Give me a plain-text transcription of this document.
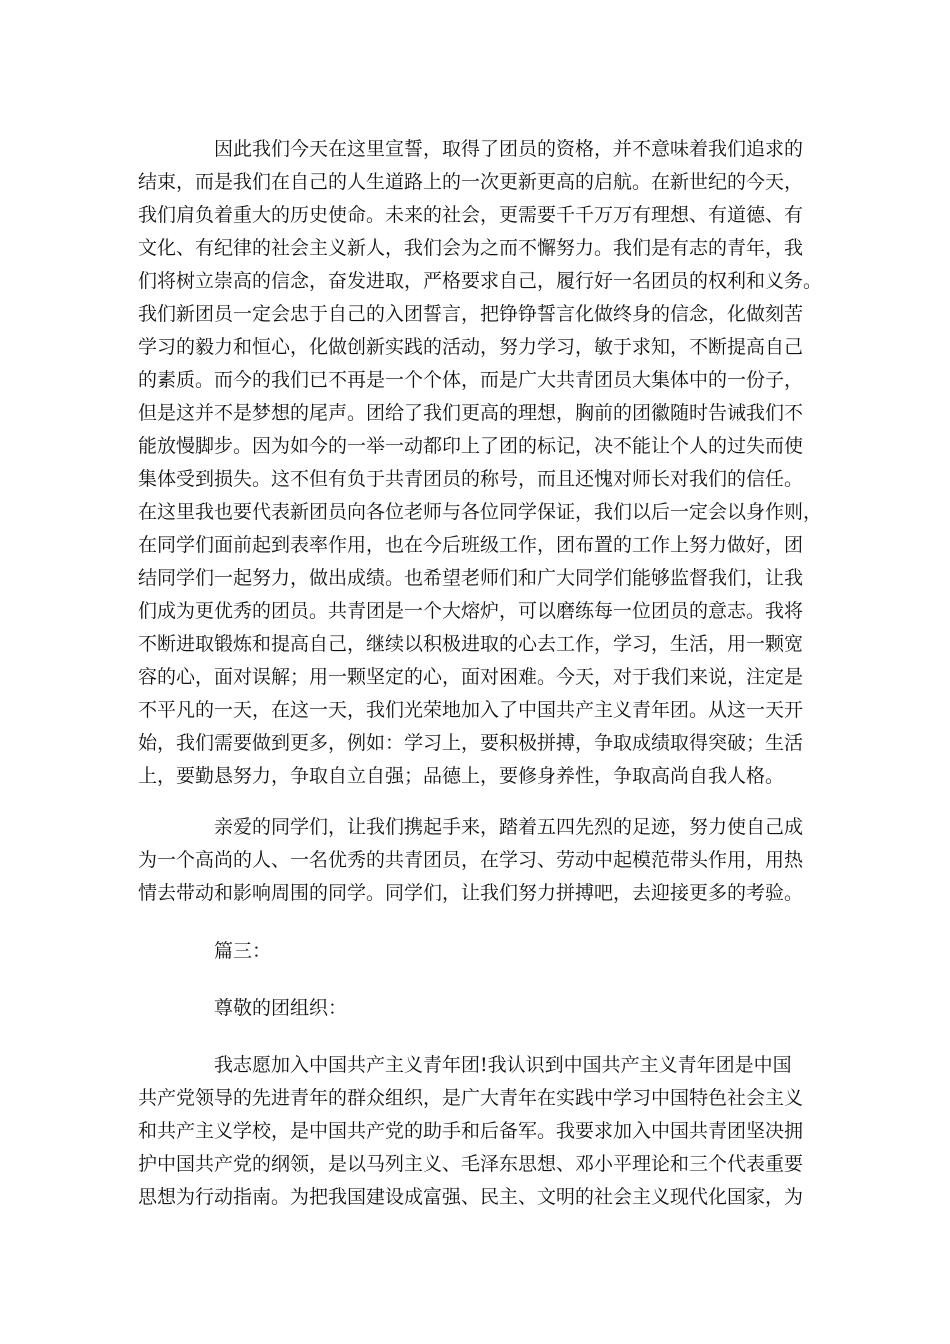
因此我们今天在这里宣誓，取得了团员的资格，并不意味着我们追求的
结束，而是我们在自己的人生道路上的一次更新更高的启航。在新世纪的今天，
我们肩负着重大的历史使命。未来的社会，更需要千千万万有理想、有道德、有
文化、有纪律的社会主义新人，我们会为之而不懈努力。我们是有志的青年，我
们将树立崇高的信念，奋发进取，严格要求自己，履行好一名团员的权利和义务。
我们新团员一定会忠于自己的入团誓言，把铮铮誓言化做终身的信念，化做刻苦
学习的毅力和恒心，化做创新实践的活动，努力学习，敏于求知，不断提高自己
的素质。而今的我们已不再是一个个体，而是广大共青团员大集体中的一份子，
但是这并不是梦想的尾声。团给了我们更高的理想，胸前的团徽随时告诫我们不
能放慢脚步。因为如今的一举一动都印上了团的标记，决不能让个人的过失而使
集体受到损失。这不但有负于共青团员的称号，而且还愧对师长对我们的信任。
在这里我也要代表新团员向各位老师与各位同学保证，我们以后一定会以身作则，
在同学们面前起到表率作用，也在今后班级工作，团布置的工作上努力做好，团
结同学们一起努力，做出成绩。也希望老师们和广大同学们能够监督我们，让我
们成为更优秀的团员。共青团是一个大熔炉，可以磨练每一位团员的意志。我将
不断进取锻炼和提高自己，继续以积极进取的心去工作，学习，生活，用一颗宽
容的心，面对误解；用一颗坚定的心，面对困难。今天，对于我们来说，注定是
不平凡的一天，在这一天，我们光荣地加入了中国共产主义青年团。从这一天开
始，我们需要做到更多，例如：学习上，要积极拼搏，争取成绩取得突破；生活
上，要勤恳努力，争取自立自强；品德上，要修身养性，争取高尚自我人格。
亲爱的同学们，让我们携起手来，踏着五四先烈的足迹，努力使自己成
为一个高尚的人、一名优秀的共青团员，在学习、劳动中起模范带头作用，用热
情去带动和影响周围的同学。同学们，让我们努力拼搏吧，去迎接更多的考验。
篇三：
尊敬的团组织：
我志愿加入中国共产主义青年团!我认识到中国共产主义青年团是中国
共产党领导的先进青年的群众组织，是广大青年在实践中学习中国特色社会主义
和共产主义学校，是中国共产党的助手和后备军。我要求加入中国共青团坚决拥
护中国共产党的纲领，是以马列主义、毛泽东思想、邓小平理论和三个代表重要
思想为行动指南。为把我国建设成富强、民主、文明的社会主义现代化国家，为
